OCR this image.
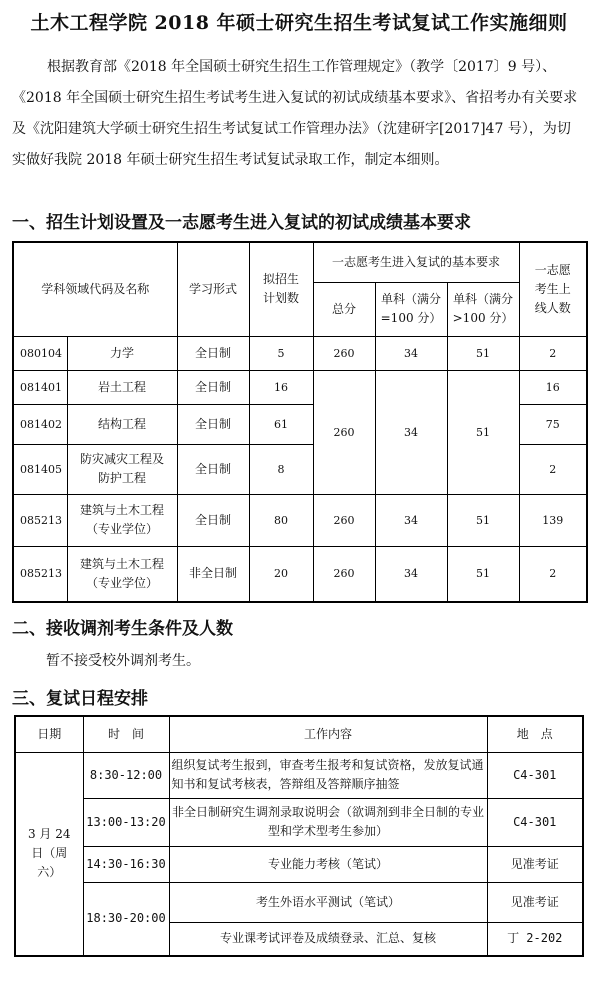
土木工程学院 2018 年硕士研究生招生考试复试工作实施细则
根据教育部《2018 年全国硕士研究生招生工作管理规定》（教学〔2017〕9 号）、《2018 年全国硕士研究生招生考试考生进入复试的初试成绩基本要求》、省招考办有关要求及《沈阳建筑大学硕士研究生招生考试复试工作管理办法》（沈建研字[2017]47 号），为切实做好我院 2018 年硕士研究生招生考试复试录取工作，制定本细则。
一、招生计划设置及一志愿考生进入复试的初试成绩基本要求
学科领域代码及名称		学习形式	拟招生计划数	一志愿考生进入复试的基本要求			一志愿考生上线人数
				总分	单科（满分=100 分）	单科（满分>100 分）	
080104	力学	全日制	5	260	34	51	2
081401	岩土工程	全日制	16	260	34	51	16
081402	结构工程	全日制	61				75
081405	防灾减灾工程及防护工程	全日制	8				2
085213	建筑与土木工程（专业学位）	全日制	80	260	34	51	139
085213	建筑与土木工程（专业学位）	非全日制	20	260	34	51	2
二、接收调剂考生条件及人数
暂不接受校外调剂考生。
三、复试日程安排
日期	时　间	工作内容	地　点
3 月 24 日（周六）	8:30-12:00	组织复试考生报到，审查考生报考和复试资格，发放复试通知书和复试考核表，答辩组及答辩顺序抽签	C4-301
	13:00-13:20	非全日制研究生调剂录取说明会（欲调剂到非全日制的专业型和学术型考生参加）	C4-301
	14:30-16:30	专业能力考核（笔试）	见准考证
	18:30-20:00	考生外语水平测试（笔试）	见准考证
		专业课考试评卷及成绩登录、汇总、复核	丁 2-202
